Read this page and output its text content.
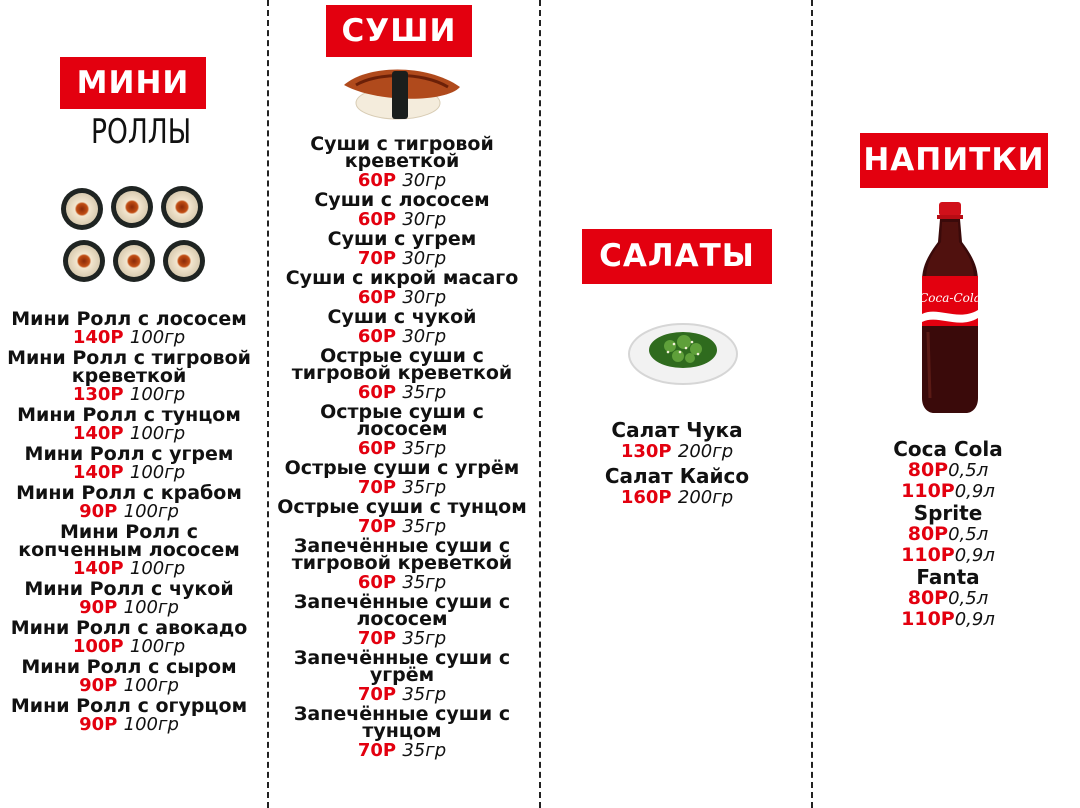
МИНИ
РОЛЛЫ
Мини Ролл с лососем
140Р 100гр
Мини Ролл с тигровой креветкой
130Р 100гр
Мини Ролл с тунцом
140Р 100гр
Мини Ролл с угрем
140Р 100гр
Мини Ролл с крабом
90Р 100гр
Мини Ролл с копченным лососем
140Р 100гр
Мини Ролл с чукой
90Р 100гр
Мини Ролл с авокадо
100Р 100гр
Мини Ролл с сыром
90Р 100гр
Мини Ролл с огурцом
90Р 100гр
СУШИ
Суши с тигровой креветкой
60Р 30гр
Суши с лососем
60Р 30гр
Суши с угрем
70Р 30гр
Суши с икрой масаго
60Р 30гр
Суши с чукой
60Р 30гр
Острые суши с тигровой креветкой
60Р 35гр
Острые суши с лососем
60Р 35гр
Острые суши с угрём
70Р 35гр
Острые суши с тунцом
70Р 35гр
Запечённые суши с тигровой креветкой
60Р 35гр
Запечённые суши с лососем
70Р 35гр
Запечённые суши с угрём
70Р 35гр
Запечённые суши с тунцом
70Р 35гр
САЛАТЫ
Салат Чука
130Р 200гр
Салат Кайсо
160Р 200гр
НАПИТКИ
Coca-Cola
Coca Cola
80Р0,5л
110Р0,9л
Sprite
80Р0,5л
110Р0,9л
Fanta
80Р0,5л
110Р0,9л
